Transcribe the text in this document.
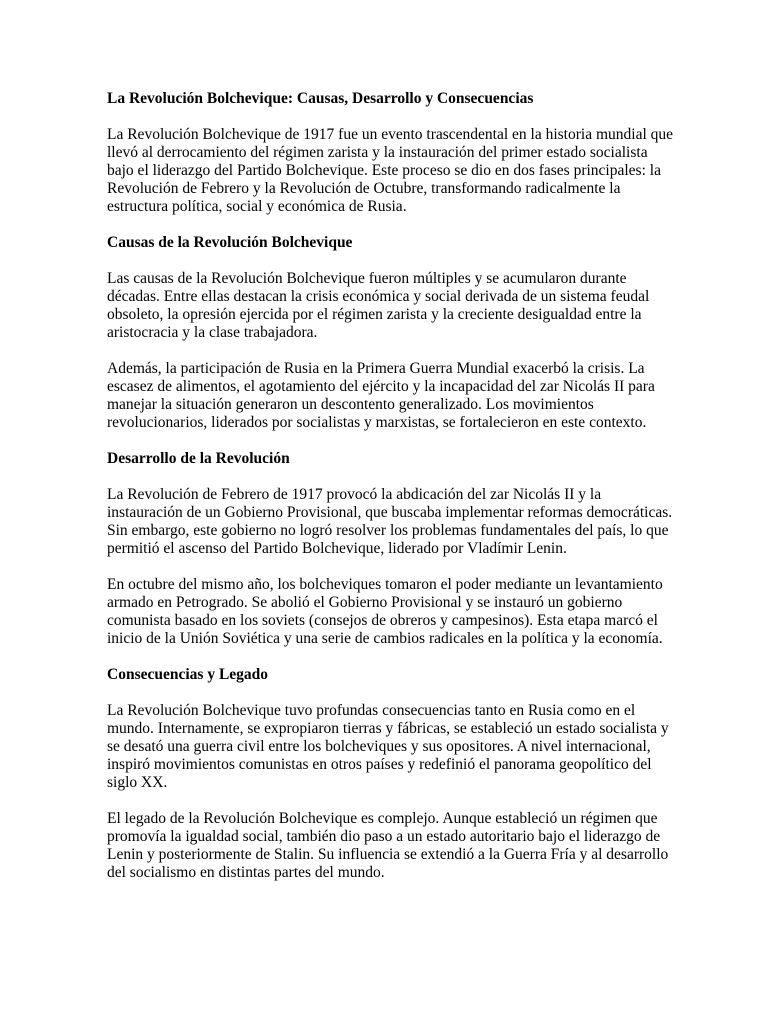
La Revolución Bolchevique: Causas, Desarrollo y Consecuencias

La Revolución Bolchevique de 1917 fue un evento trascendental en la historia mundial que
llevó al derrocamiento del régimen zarista y la instauración del primer estado socialista
bajo el liderazgo del Partido Bolchevique. Este proceso se dio en dos fases principales: la
Revolución de Febrero y la Revolución de Octubre, transformando radicalmente la
estructura política, social y económica de Rusia.

Causas de la Revolución Bolchevique

Las causas de la Revolución Bolchevique fueron múltiples y se acumularon durante
décadas. Entre ellas destacan la crisis económica y social derivada de un sistema feudal
obsoleto, la opresión ejercida por el régimen zarista y la creciente desigualdad entre la
aristocracia y la clase trabajadora.

Además, la participación de Rusia en la Primera Guerra Mundial exacerbó la crisis. La
escasez de alimentos, el agotamiento del ejército y la incapacidad del zar Nicolás II para
manejar la situación generaron un descontento generalizado. Los movimientos
revolucionarios, liderados por socialistas y marxistas, se fortalecieron en este contexto.

Desarrollo de la Revolución

La Revolución de Febrero de 1917 provocó la abdicación del zar Nicolás II y la
instauración de un Gobierno Provisional, que buscaba implementar reformas democráticas.
Sin embargo, este gobierno no logró resolver los problemas fundamentales del país, lo que
permitió el ascenso del Partido Bolchevique, liderado por Vladímir Lenin.

En octubre del mismo año, los bolcheviques tomaron el poder mediante un levantamiento
armado en Petrogrado. Se abolió el Gobierno Provisional y se instauró un gobierno
comunista basado en los soviets (consejos de obreros y campesinos). Esta etapa marcó el
inicio de la Unión Soviética y una serie de cambios radicales en la política y la economía.

Consecuencias y Legado

La Revolución Bolchevique tuvo profundas consecuencias tanto en Rusia como en el
mundo. Internamente, se expropiaron tierras y fábricas, se estableció un estado socialista y
se desató una guerra civil entre los bolcheviques y sus opositores. A nivel internacional,
inspiró movimientos comunistas en otros países y redefinió el panorama geopolítico del
siglo XX.

El legado de la Revolución Bolchevique es complejo. Aunque estableció un régimen que
promovía la igualdad social, también dio paso a un estado autoritario bajo el liderazgo de
Lenin y posteriormente de Stalin. Su influencia se extendió a la Guerra Fría y al desarrollo
del socialismo en distintas partes del mundo.
